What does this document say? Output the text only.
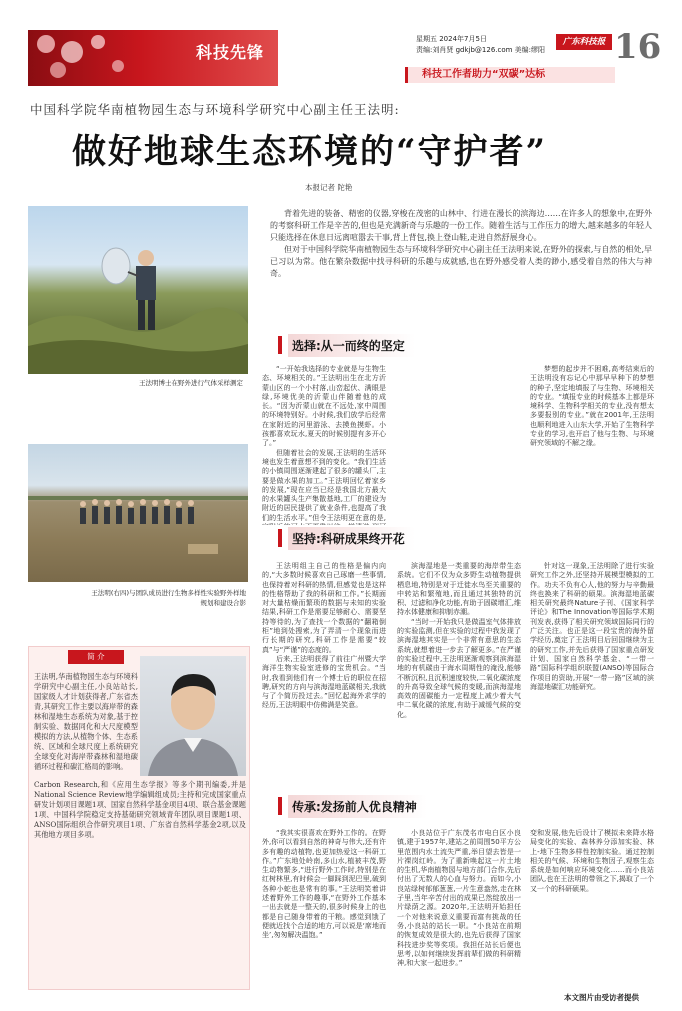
科技先锋
星期五 2024年7月5日
责编:刘肖贤 gdkjb@126.com 美编:缪阳
广东科技报 16
科技工作者助力“双碳”达标
中国科学院华南植物园生态与环境科学研究中心副主任王法明:
做好地球生态环境的“守护者”
本报记者 陀艳

背着先进的装备、精密的仪器,穿梭在茂密的山林中、行进在漫长的滨海边……在许多人的想象中,在野外的考察科研工作是辛苦的,但也是充满新奇与乐趣的一份工作。随着生活与工作压力的增大,越来越多的年轻人只能选择在休息日远离喧嚣去干事,背上背包,换上登山鞋,走进自然舒展身心。

但对于中国科学院华南植物园生态与环境科学研究中心副主任王法明来说,在野外的探索,与自然的相处,早已习以为常。他在繁杂数据中找寻科研的乐趣与成就感,也在野外感受着人类的渺小,感受着自然的伟大与神奇。

王法明博士在野外进行气体采样测定
王法明(右四)与团队成员进行生物多样性实验野外样地规划和建设合影
选择:从一而终的坚定

“一开始我选择的专业就是与生物生态、环境相关的。”王法明出生在北方沂蒙山区的一个小村落,山峦起伏、满眼是绿,环境优美的沂蒙山伴随着他的成长。“因为沂蒙山就在不远处,家中周围的环境特别好。小时候,我们放学后经常在家附近的河里游泳、去摸鱼摸虾。小孩都喜欢玩水,夏天的时候别提有多开心了。”

但随着社会的发展,王法明的生活环境也发生着意想不到的变化。“我们生活的小镇周围逐渐建起了很多的罐头厂,主要是做水果的加工。”王法明回忆着家乡的发展,“现在应当已经是我国北方最大的水果罐头生产集散基地,工厂的建设为附近的居民提供了就业条件,也提高了我们的生活水平。”但令王法明更在意的是,

梦想的起步并不困难,高考结束后的王法明没有忘记心中那早早种下的梦想的种子,坚定地填报了与生物、环境相关的专业。“填报专业的时候基本上都是环境科学、生物科学相关的专业,没有想太多要报别的专业。”就在2001年,王法明也顺利地进入山东大学,开始了生物科学专业的学习,也开启了他与生物、与环境研究领域的不解之缘。

坚持:科研成果终开花

王法明组主自己的性格是偏内向的,“大多数时候喜欢自己琢磨一些事情,也保持着对科研的热情,但感觉也是这样的性格帮助了我的科研和工作。”长期面对大量枯燥而繁琐的数据与未知的实验结果,科研工作是需要足够耐心、需要坚持等待的,为了查找一个数据的“翻箱倒柜”地到处搜索,为了弄清一个现象而进行长期的研究,科研工作是需要“较真”与“严谨”的态度的。

后来,王法明获得了前往广州暨大学海洋生物实验室进修的宝贵机会。“当时,我看到他们有一个博士后的职位在招聘,研究的方向与滨海湿地蓝碳相关,我就与了个简历投过去。”回忆起海外求学的经历,王法明眼中仿佛满是笑意。

滨海湿地是一类重要的海岸带生态系统。它们不仅为众多野生动植物提供栖息地,特别是对于迁徙水鸟至关重要的中转站和繁殖地,而且通过其独特的沉积、过滤和净化功能,有助于固碳增汇,维持水体健康和抑制赤潮。

“当时一开始我只是做温室气体排放的实验监测,但在实验的过程中我发现了滨海湿地其实是一个非常有意思的生态系统,就想着进一步去了解更多。”在严谨的实验过程中,王法明逐渐观察到滨海湿地的有机碳由于海水周期性的淹没,能够不断沉积,且沉积速度较快,二氧化碳浓度的升高导致全球气候的变暖,而滨海湿地高效的固碳能力一定程度上减少着大气中二氧化碳的浓度,有助于减缓气候的变化。

针对这一现象,王法明除了进行实验研究工作之外,还坚持开展模型模拟的工作。功夫不负有心人,他的努力与辛勤最终也换来了科研的硕果。滨海湿地蓝碳相关研究最终Nature子刊、《国家科学评论》和The Innovation等国际学术期刊发表,获得了相关研究领域国际同行的广泛关注。也正是这一段宝贵的海外留学经历,奠定了王法明目后回国继续为主的研究工作,并先后获得了国家重点研发计划、国家自然科学基金、“一带一路”国际科学组织联盟(ANSO)等国际合作项目的资助,开展“一带一路”区域的滨海湿地碳汇功能研究。

简 介

王法明,华南植物园生态与环境科学研究中心副主任,小良站站长,国家级人才计划获得者,广东省杰青,其研究工作主要以海岸带的森林和湿地生态系统为对象,基于控制实验、数据同化和大尺度模型模拟的方法,从植物个体、生态系统、区域和全球尺度上系统研究全球变化对海岸带森林和湿地碳循环过程和碳汇格局的影响。

Carbon Research,和《应用生态学报》等多个期刊编委,并是National Science Review地学编辑组成员;主持和完成国家重点研发计划项目课题1项、国家自然科学基金项目4项、联合基金课题1项、中国科学院稳定支持基础研究领域青年团队项目课题1项、ANSO国际组织合作研究项目1项、广东省自然科学基金2项,以及其他地方项目多项。

传承:发扬前人优良精神

“我其实很喜欢在野外工作的。在野外,你可以看到自然的神奇与伟大,还有许多有趣的动植物,也更加热爱这一科研工作。”广东地处岭南,多山水,植被丰茂,野生动物繁多,“进行野外工作时,特别是在红树林里,有时候会一脚踩到泥巴里,破到各种小蛇也是常有的事。”王法明笑着讲述着野外工作的趣事,“在野外工作基本一出去就是一整天的,很多时候身上的也都是自己随身带着的干粮。感觉到饿了便就近找个合适的地方,可以说是‘席地而坐’,匆匆解决温饱。”

小良站位于广东茂名市电白区小良镇,建于1957年,建站之前周围50平方公里范围内水土流失严重,举目望去皆是一片裸岗红岭。为了重新唤起这一片土地的生机,华南植物园与地方部门合作,先后付出了无数人的心血与努力。而如今,小良站绿树郁郁葱葱,一片生意盎然,走在林子里,当年辛苦付出的成果已然绽放出一片绿荫之源。2020年,王法明开始担任一个对他来说意义重要而富有挑战的任务,小良站的站长一职。“小良站在前期的恢复成效是很大的,也先后获得了国家科技进步奖等奖项。我担任站长后便也思考,以如何继续发挥前辈们做的科研精神,和大家一起进步。”

变和发展,他先后设计了模拟未来降水格局变化的实验、森林养分添加实验、林上-地下生物多样性控制实验。通过控制相关的气候、环境和生物因子,观察生态系统是如何响应环境变化……而小良站团队,也在王法明的带领之下,揭取了一个又一个的科研硕果。

本文图片由受访者提供
